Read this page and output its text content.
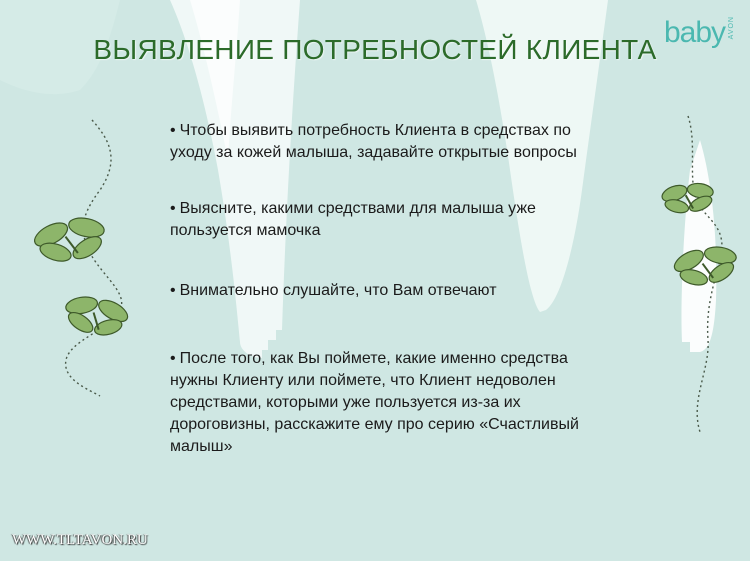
ВЫЯВЛЕНИЕ ПОТРЕБНОСТЕЙ КЛИЕНТА
baby AVON
• Чтобы выявить потребность Клиента в средствах по уходу за кожей малыша, задавайте открытые вопросы
• Выясните, какими средствами для малыша уже пользуется мамочка
• Внимательно слушайте, что Вам отвечают
• После того, как Вы поймете, какие именно средства нужны Клиенту или поймете, что Клиент недоволен средствами, которыми уже пользуется из-за их дороговизны, расскажите ему про серию «Счастливый малыш»
WWW.TLTAVON.RU
